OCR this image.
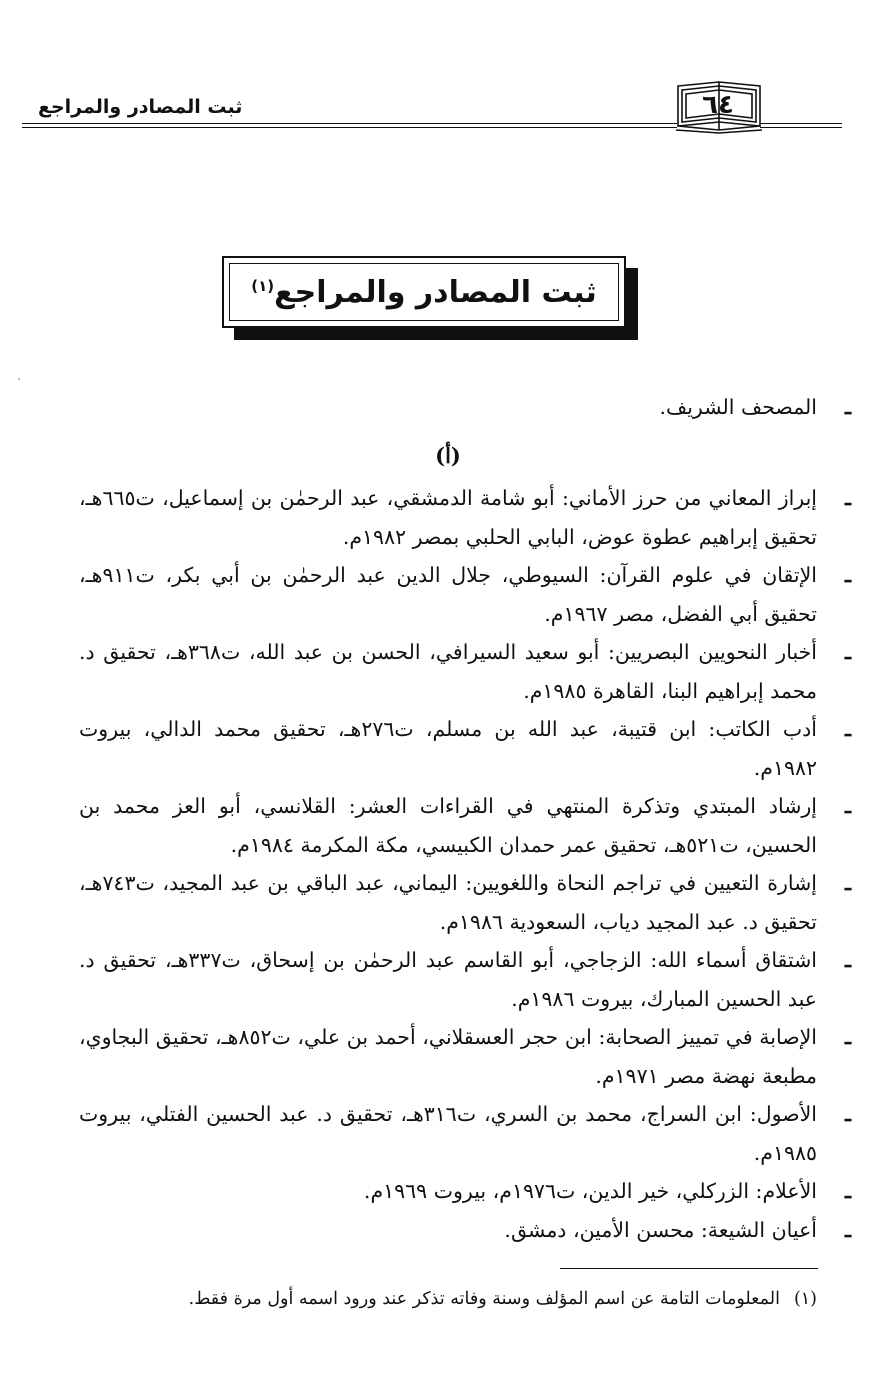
ثبت المصادر والمراجع	٦٤
ثبت المصادر والمراجع$^{(١)}$
ـ

المصحف الشريف.

(أ)
ـ

إبراز المعاني من حرز الأماني: أبو شامة الدمشقي، عبد الرحمٰن بن إسماعيل، ت٦٦٥هـ، تحقيق إبراهيم عطوة عوض، البابي الحلبي بمصر ١٩٨٢م.

ـ

الإتقان في علوم القرآن: السيوطي، جلال الدين عبد الرحمٰن بن أبي بكر، ت٩١١هـ، تحقيق أبي الفضل، مصر ١٩٦٧م.

ـ

أخبار النحويين البصريين: أبو سعيد السيرافي، الحسن بن عبد الله، ت٣٦٨هـ، تحقيق د. محمد إبراهيم البنا، القاهرة ١٩٨٥م.

ـ

أدب الكاتب: ابن قتيبة، عبد الله بن مسلم، ت٢٧٦هـ، تحقيق محمد الدالي، بيروت ١٩٨٢م.

ـ

إرشاد المبتدي وتذكرة المنتهي في القراءات العشر: القلانسي، أبو العز محمد بن الحسين، ت٥٢١هـ، تحقيق عمر حمدان الكبيسي، مكة المكرمة ١٩٨٤م.

ـ

إشارة التعيين في تراجم النحاة واللغويين: اليماني، عبد الباقي بن عبد المجيد، ت٧٤٣هـ، تحقيق د. عبد المجيد دياب، السعودية ١٩٨٦م.

ـ

اشتقاق أسماء الله: الزجاجي، أبو القاسم عبد الرحمٰن بن إسحاق، ت٣٣٧هـ، تحقيق د. عبد الحسين المبارك، بيروت ١٩٨٦م.

ـ

الإصابة في تمييز الصحابة: ابن حجر العسقلاني، أحمد بن علي، ت٨٥٢هـ، تحقيق البجاوي، مطبعة نهضة مصر ١٩٧١م.

ـ

الأصول: ابن السراج، محمد بن السري، ت٣١٦هـ، تحقيق د. عبد الحسين الفتلي، بيروت ١٩٨٥م.

ـ

الأعلام: الزركلي، خير الدين، ت١٩٧٦م، بيروت ١٩٦٩م.

ـ

أعيان الشيعة: محسن الأمين، دمشق.

(١)المعلومات التامة عن اسم المؤلف وسنة وفاته تذكر عند ورود اسمه أول مرة فقط.
